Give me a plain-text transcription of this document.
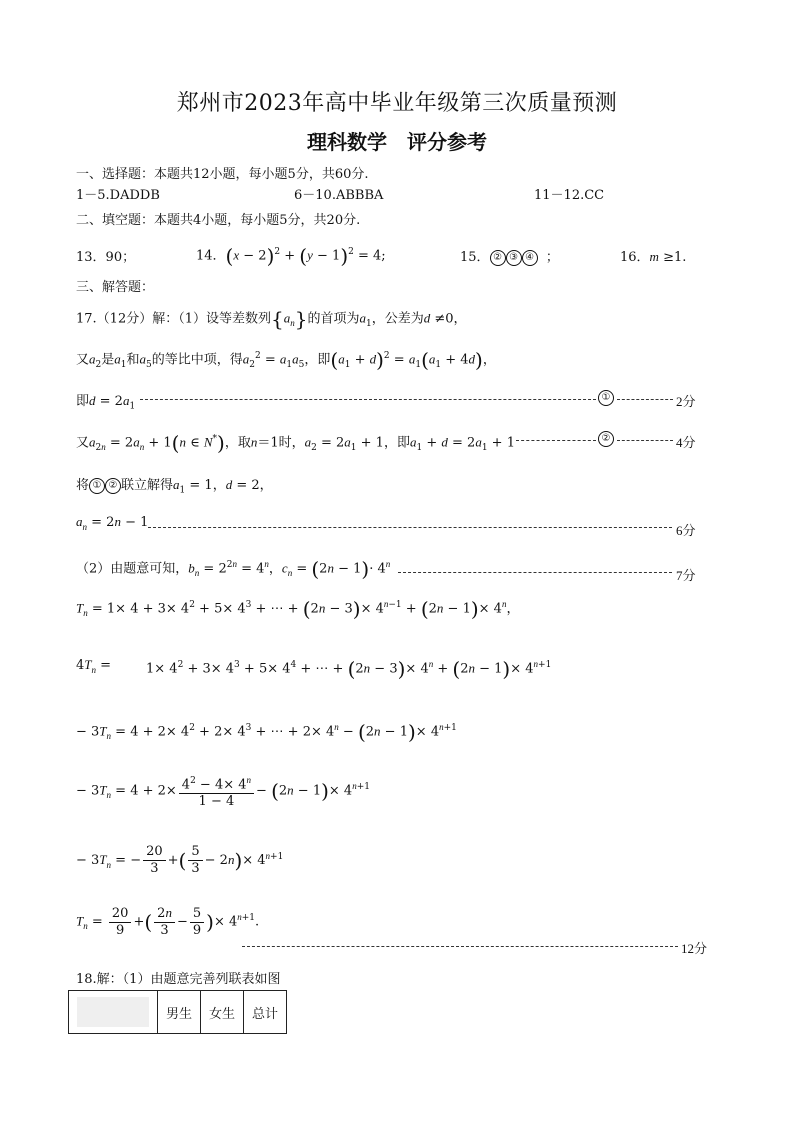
郑州市2023年高中毕业年级第三次质量预测
理科数学　评分参考
一、选择题：本题共12小题，每小题5分，共60分.
1－5.DADDB	6－10.ABBBA	11－12.CC
二、填空题：本题共4小题，每小题5分，共20分.
13．90；	14．$(x - 2)^2 + (y - 1)^2 = 4$;	15． ② ③ ④ ；	16．m ≥1.
三、解答题：
17.（12分）解：（1）设等差数列$\{a_n\}$的首项为$a_1$，公差为d ≠0，
又$a_2$是$a_1$和$a_5$的等比中项，得$a_2^2 = a_1a_5$，即$(a_1 + d)^2 = a_1(a_1 + 4d)$，
即$d = 2a_1$
①	2分
又$a_{2n} = 2a_n + 1(n$ ∈ N*)，取n＝1时，$a_2 = 2a_1 + 1$，即$a_1 + d = 2a_1 + 1$	②	4分
将 ① ② 联立解得$a_1 = 1$，d = 2，
$a_n = 2n - 1$
6分
（2）由题意可知，$b_n = 2^{2n} = 4^n$，$c_n = (2n - 1)\cdot 4^n$
7分
$T_n = 1\times 4 + 3\times 4^2 + 5\times 4^3$ + ⋯ + $(2n - 3)\times 4^{n-1} + (2n - 1)\times 4^n$，
$4T_n$ =	$1\times 4^2 + 3\times 4^3 + 5\times 4^4$ + ⋯ + $(2n - 3)\times 4^n + (2n - 1)\times 4^{n+1}$
− $3T_n = 4 + 2\times 4^2 + 2\times 4^3$ + ⋯ + $2\times 4^n - (2n - 1)\times 4^{n+1}$
− $3T_n = 4 + 2\times \frac{4^2 - 4\times 4^n}{1 - 4} - (2n - 1)\times 4^{n+1}$
− $3T_n$ = − $\frac{20}{3}$ +( $\frac{5}{3} - 2n)\times 4^{n+1}$
$T_n = \frac{20}{9}$ +( $\frac{2n}{3} - \frac{5}{9}$ )× $4^{n+1}$.
12分
18.解：（1）由题意完善列联表如图
	男生	女生	总计
